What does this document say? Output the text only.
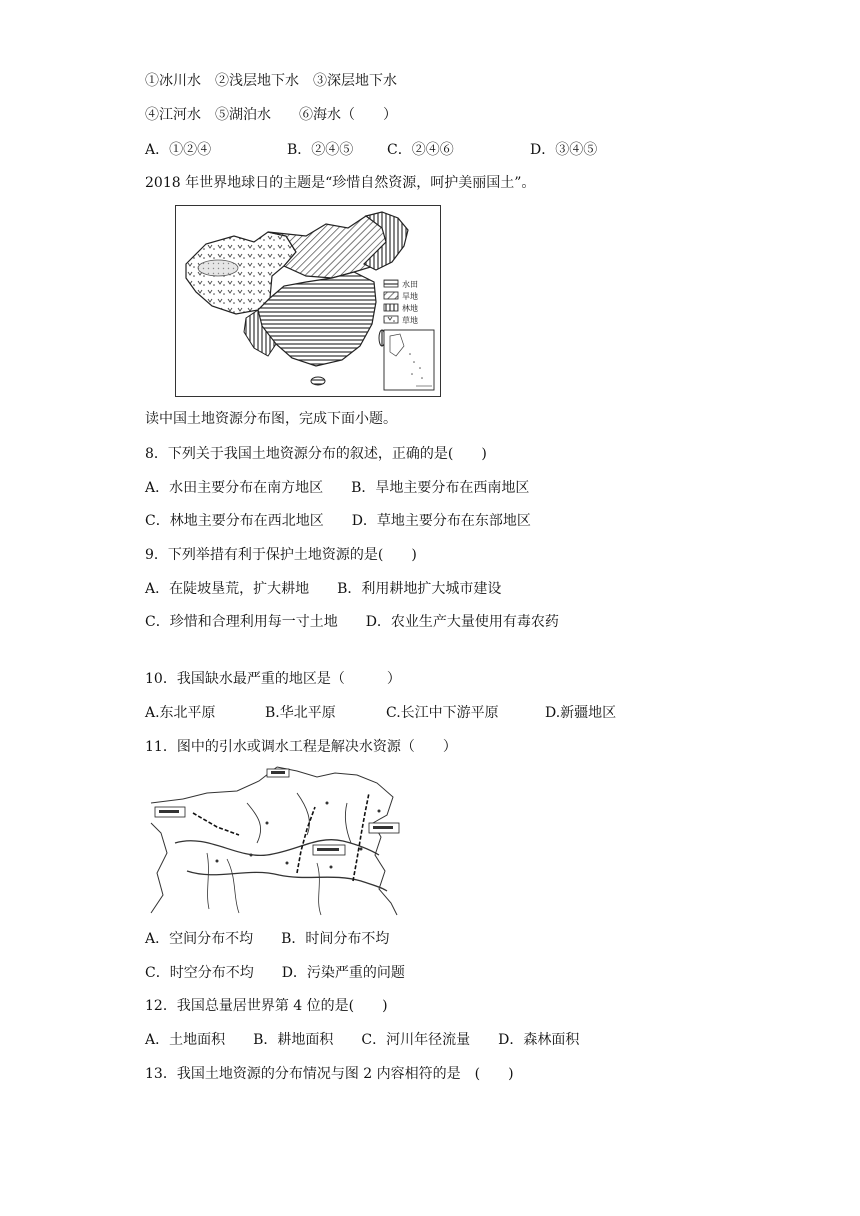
①冰川水　②浅层地下水　③深层地下水
④江河水　⑤湖泊水　　⑥海水（　　）
A．①②④	B．②④⑤ C．②④⑥	D．③④⑤
2018 年世界地球日的主题是“珍惜自然资源，呵护美丽国土”。
水田
旱地
林地
草地
读中国土地资源分布图，完成下面小题。
8．下列关于我国土地资源分布的叙述，正确的是(　　)
A．水田主要分布在南方地区　　B．旱地主要分布在西南地区
C．林地主要分布在西北地区　　D．草地主要分布在东部地区
9．下列举措有利于保护土地资源的是(　　)
A．在陡坡垦荒，扩大耕地　　B．利用耕地扩大城市建设
C．珍惜和合理利用每一寸土地　　D．农业生产大量使用有毒农药
10．我国缺水最严重的地区是（　　　）
A.东北平原	B.华北平原	C.长江中下游平原	D.新疆地区
11．图中的引水或调水工程是解决水资源（　　）
A．空间分布不均　　B．时间分布不均
C．时空分布不均　　D．污染严重的问题
12．我国总量居世界第 4 位的是(　　)
A．土地面积　　B．耕地面积　　C．河川年径流量　　D．森林面积
13．我国土地资源的分布情况与图 2 内容相符的是　(　　)
